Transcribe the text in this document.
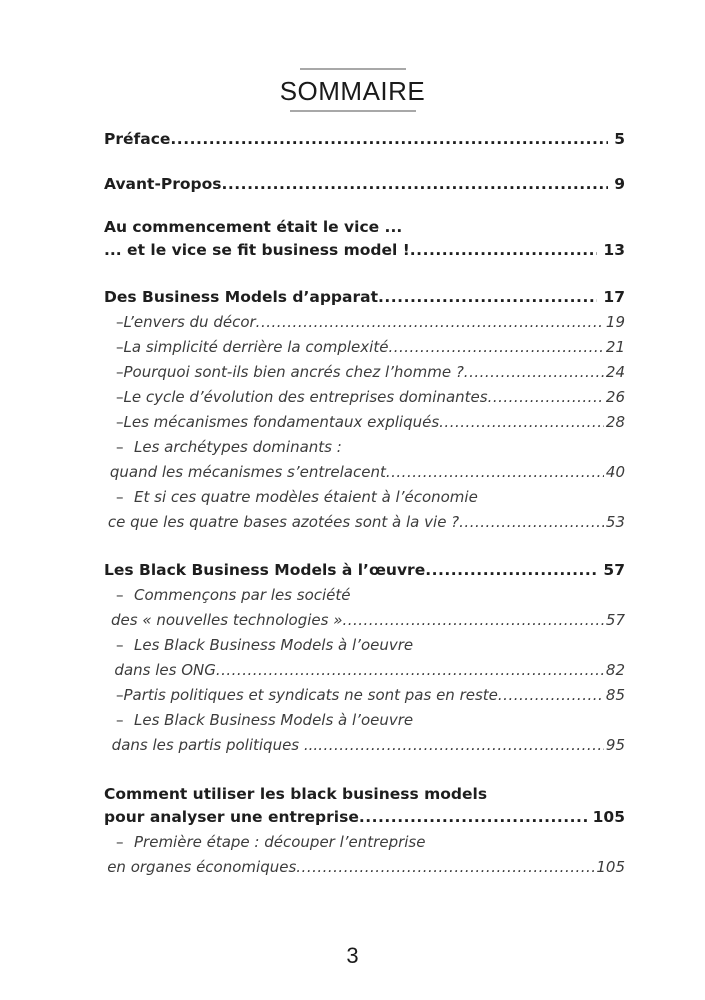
SOMMAIRE
Préface .....	5
Avant-Propos .....	9
Au commencement était le vice ...
... et le vice se fit business model ! .....	13
Des Business Models d’apparat .....	17
– L’envers du décor .....	19
– La simplicité derrière la complexité .....	21
– Pourquoi sont-ils bien ancrés chez l’homme ? .....	24
– Le cycle d’évolution des entreprises dominantes .....	26
– Les mécanismes fondamentaux expliqués .....	28
– Les archétypes dominants :
quand les mécanismes s’entrelacent .....	40
– Et si ces quatre modèles étaient à l’économie
ce que les quatre bases azotées sont à la vie ? .....	53
Les Black Business Models à l’œuvre .....	57
– Commençons par les société
des « nouvelles technologies » .....	57
– Les Black Business Models à l’oeuvre
dans les ONG .....	82
– Partis politiques et syndicats ne sont pas en reste .....	85
– Les Black Business Models à l’oeuvre
dans les partis politiques ... .....	95
Comment utiliser les black business models
pour analyser une entreprise .....	105
– Première étape : découper l’entreprise
en organes économiques .....	105
3
